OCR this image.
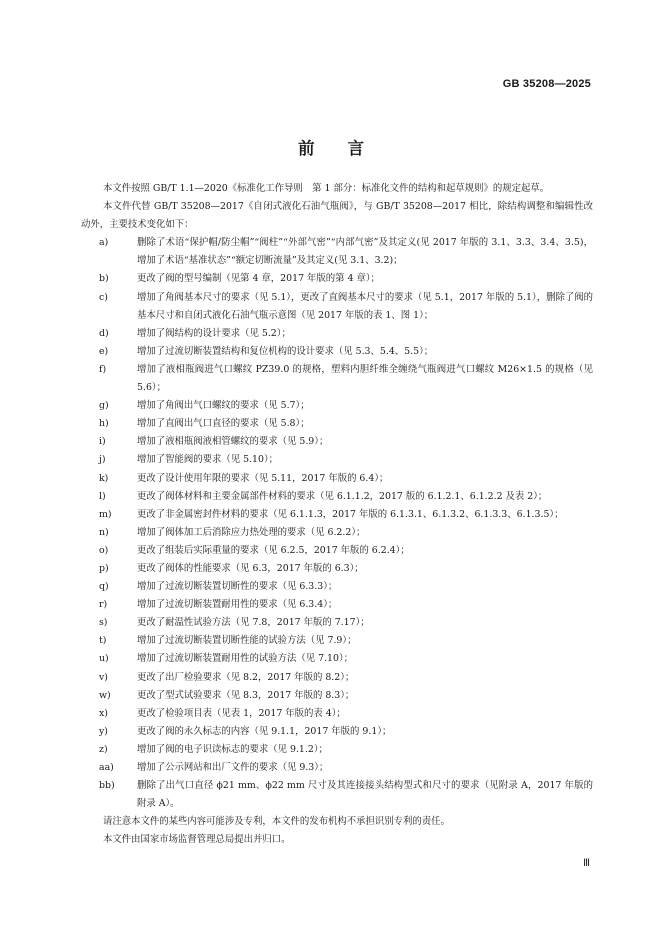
GB 35208—2025
前　　言

本文件按照 GB/T 1.1—2020《标准化工作导则　第 1 部分：标准化文件的结构和起草规则》的规定起草。

本文件代替 GB/T 35208—2017《自闭式液化石油气瓶阀》，与 GB/T 35208—2017 相比，除结构调整和编辑性改动外，主要技术变化如下：

a)	删除了术语“保护帽/防尘帽”“阀柱”“外部气密”“内部气密”及其定义(见 2017 年版的 3.1、3.3、3.4、3.5)，增加了术语“基准状态”“额定切断流量”及其定义(见 3.1、3.2)；
b)	更改了阀的型号编制（见第 4 章，2017 年版的第 4 章）；
c)	增加了角阀基本尺寸的要求（见 5.1），更改了直阀基本尺寸的要求（见 5.1，2017 年版的 5.1），删除了阀的基本尺寸和自闭式液化石油气瓶示意图（见 2017 年版的表 1、图 1）；
d)	增加了阀结构的设计要求（见 5.2）；
e)	增加了过流切断装置结构和复位机构的设计要求（见 5.3、5.4、5.5）；
f)	增加了液相瓶阀进气口螺纹 PZ39.0 的规格，塑料内胆纤维全缠绕气瓶阀进气口螺纹 M26×1.5 的规格（见 5.6）；
g)	增加了角阀出气口螺纹的要求（见 5.7）；
h)	增加了直阀出气口直径的要求（见 5.8）；
i)	增加了液相瓶阀液相管螺纹的要求（见 5.9）；
j)	增加了智能阀的要求（见 5.10）；
k)	更改了设计使用年限的要求（见 5.11，2017 年版的 6.4）；
l)	更改了阀体材料和主要金属部件材料的要求（见 6.1.1.2，2017 版的 6.1.2.1、6.1.2.2 及表 2）；
m)	更改了非金属密封件材料的要求（见 6.1.1.3，2017 年版的 6.1.3.1、6.1.3.2、6.1.3.3、6.1.3.5）；
n)	增加了阀体加工后消除应力热处理的要求（见 6.2.2）；
o)	更改了组装后实际重量的要求（见 6.2.5，2017 年版的 6.2.4）；
p)	更改了阀体的性能要求（见 6.3，2017 年版的 6.3）；
q)	增加了过流切断装置切断性的要求（见 6.3.3）；
r)	增加了过流切断装置耐用性的要求（见 6.3.4）；
s)	更改了耐温性试验方法（见 7.8，2017 年版的 7.17）；
t)	增加了过流切断装置切断性能的试验方法（见 7.9）；
u)	增加了过流切断装置耐用性的试验方法（见 7.10）；
v)	更改了出厂检验要求（见 8.2，2017 年版的 8.2）；
w)	更改了型式试验要求（见 8.3，2017 年版的 8.3）；
x)	更改了检验项目表（见表 1，2017 年版的表 4）；
y)	更改了阀的永久标志的内容（见 9.1.1，2017 年版的 9.1）；
z)	增加了阀的电子识读标志的要求（见 9.1.2）；
aa) 增加了公示网站和出厂文件的要求（见 9.3）；
bb) 删除了出气口直径 ϕ21 mm、ϕ22 mm 尺寸及其连接接头结构型式和尺寸的要求（见附录 A，2017 年版的附录 A）。

请注意本文件的某些内容可能涉及专利，本文件的发布机构不承担识别专利的责任。

本文件由国家市场监督管理总局提出并归口。

Ⅲ
